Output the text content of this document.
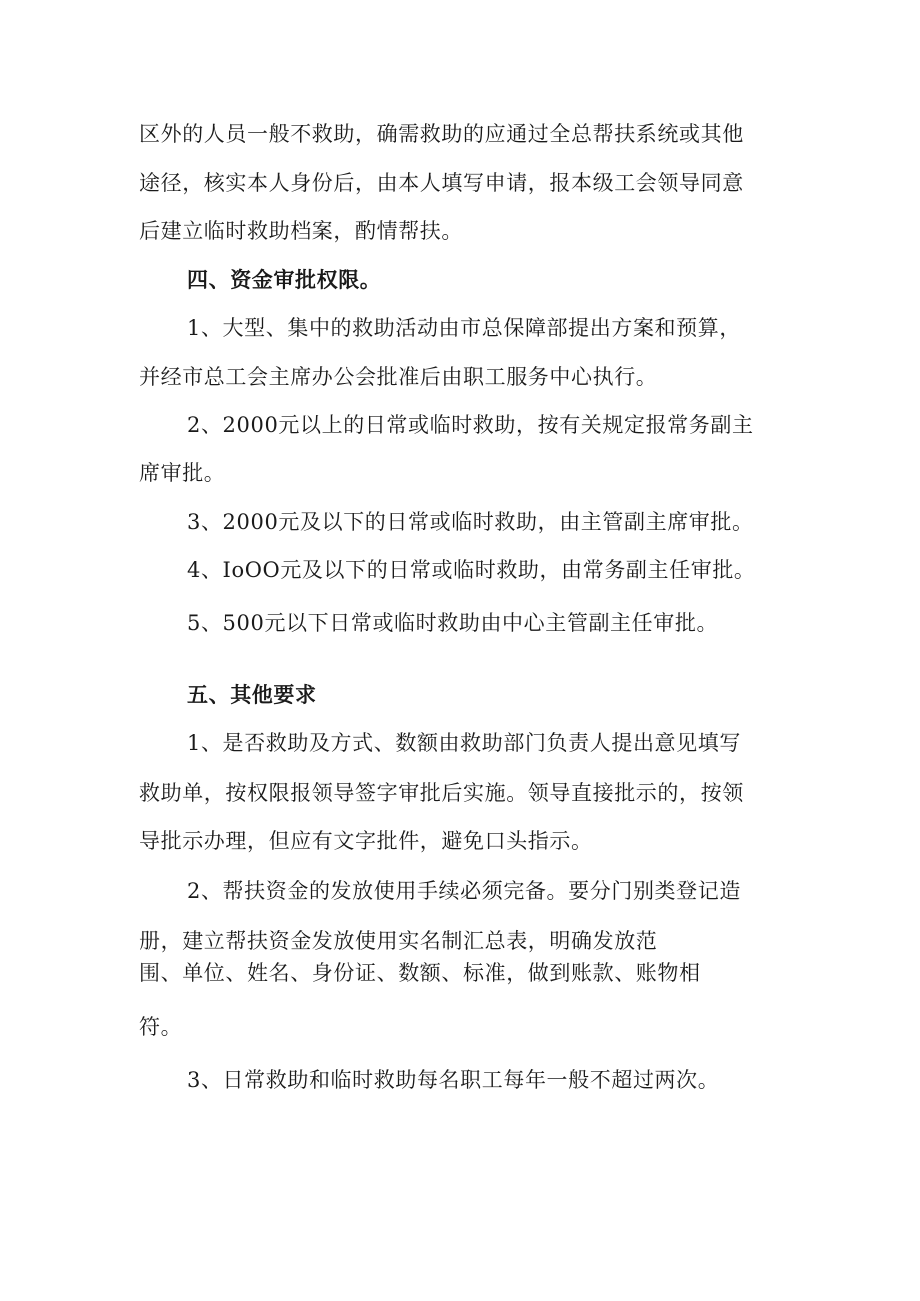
区外的人员一般不救助，确需救助的应通过全总帮扶系统或其他
途径，核实本人身份后，由本人填写申请，报本级工会领导同意
后建立临时救助档案，酌情帮扶。
四、资金审批权限。
1、大型、集中的救助活动由市总保障部提出方案和预算，
并经市总工会主席办公会批准后由职工服务中心执行。
2、2000元以上的日常或临时救助，按有关规定报常务副主
席审批。
3、2000元及以下的日常或临时救助，由主管副主席审批。
4、IoOO元及以下的日常或临时救助，由常务副主任审批。
5、500元以下日常或临时救助由中心主管副主任审批。
五、其他要求
1、是否救助及方式、数额由救助部门负责人提出意见填写
救助单，按权限报领导签字审批后实施。领导直接批示的，按领
导批示办理，但应有文字批件，避免口头指示。
2、帮扶资金的发放使用手续必须完备。要分门别类登记造
册，建立帮扶资金发放使用实名制汇总表，明确发放范
围、单位、姓名、身份证、数额、标准，做到账款、账物相
符。
3、日常救助和临时救助每名职工每年一般不超过两次。
